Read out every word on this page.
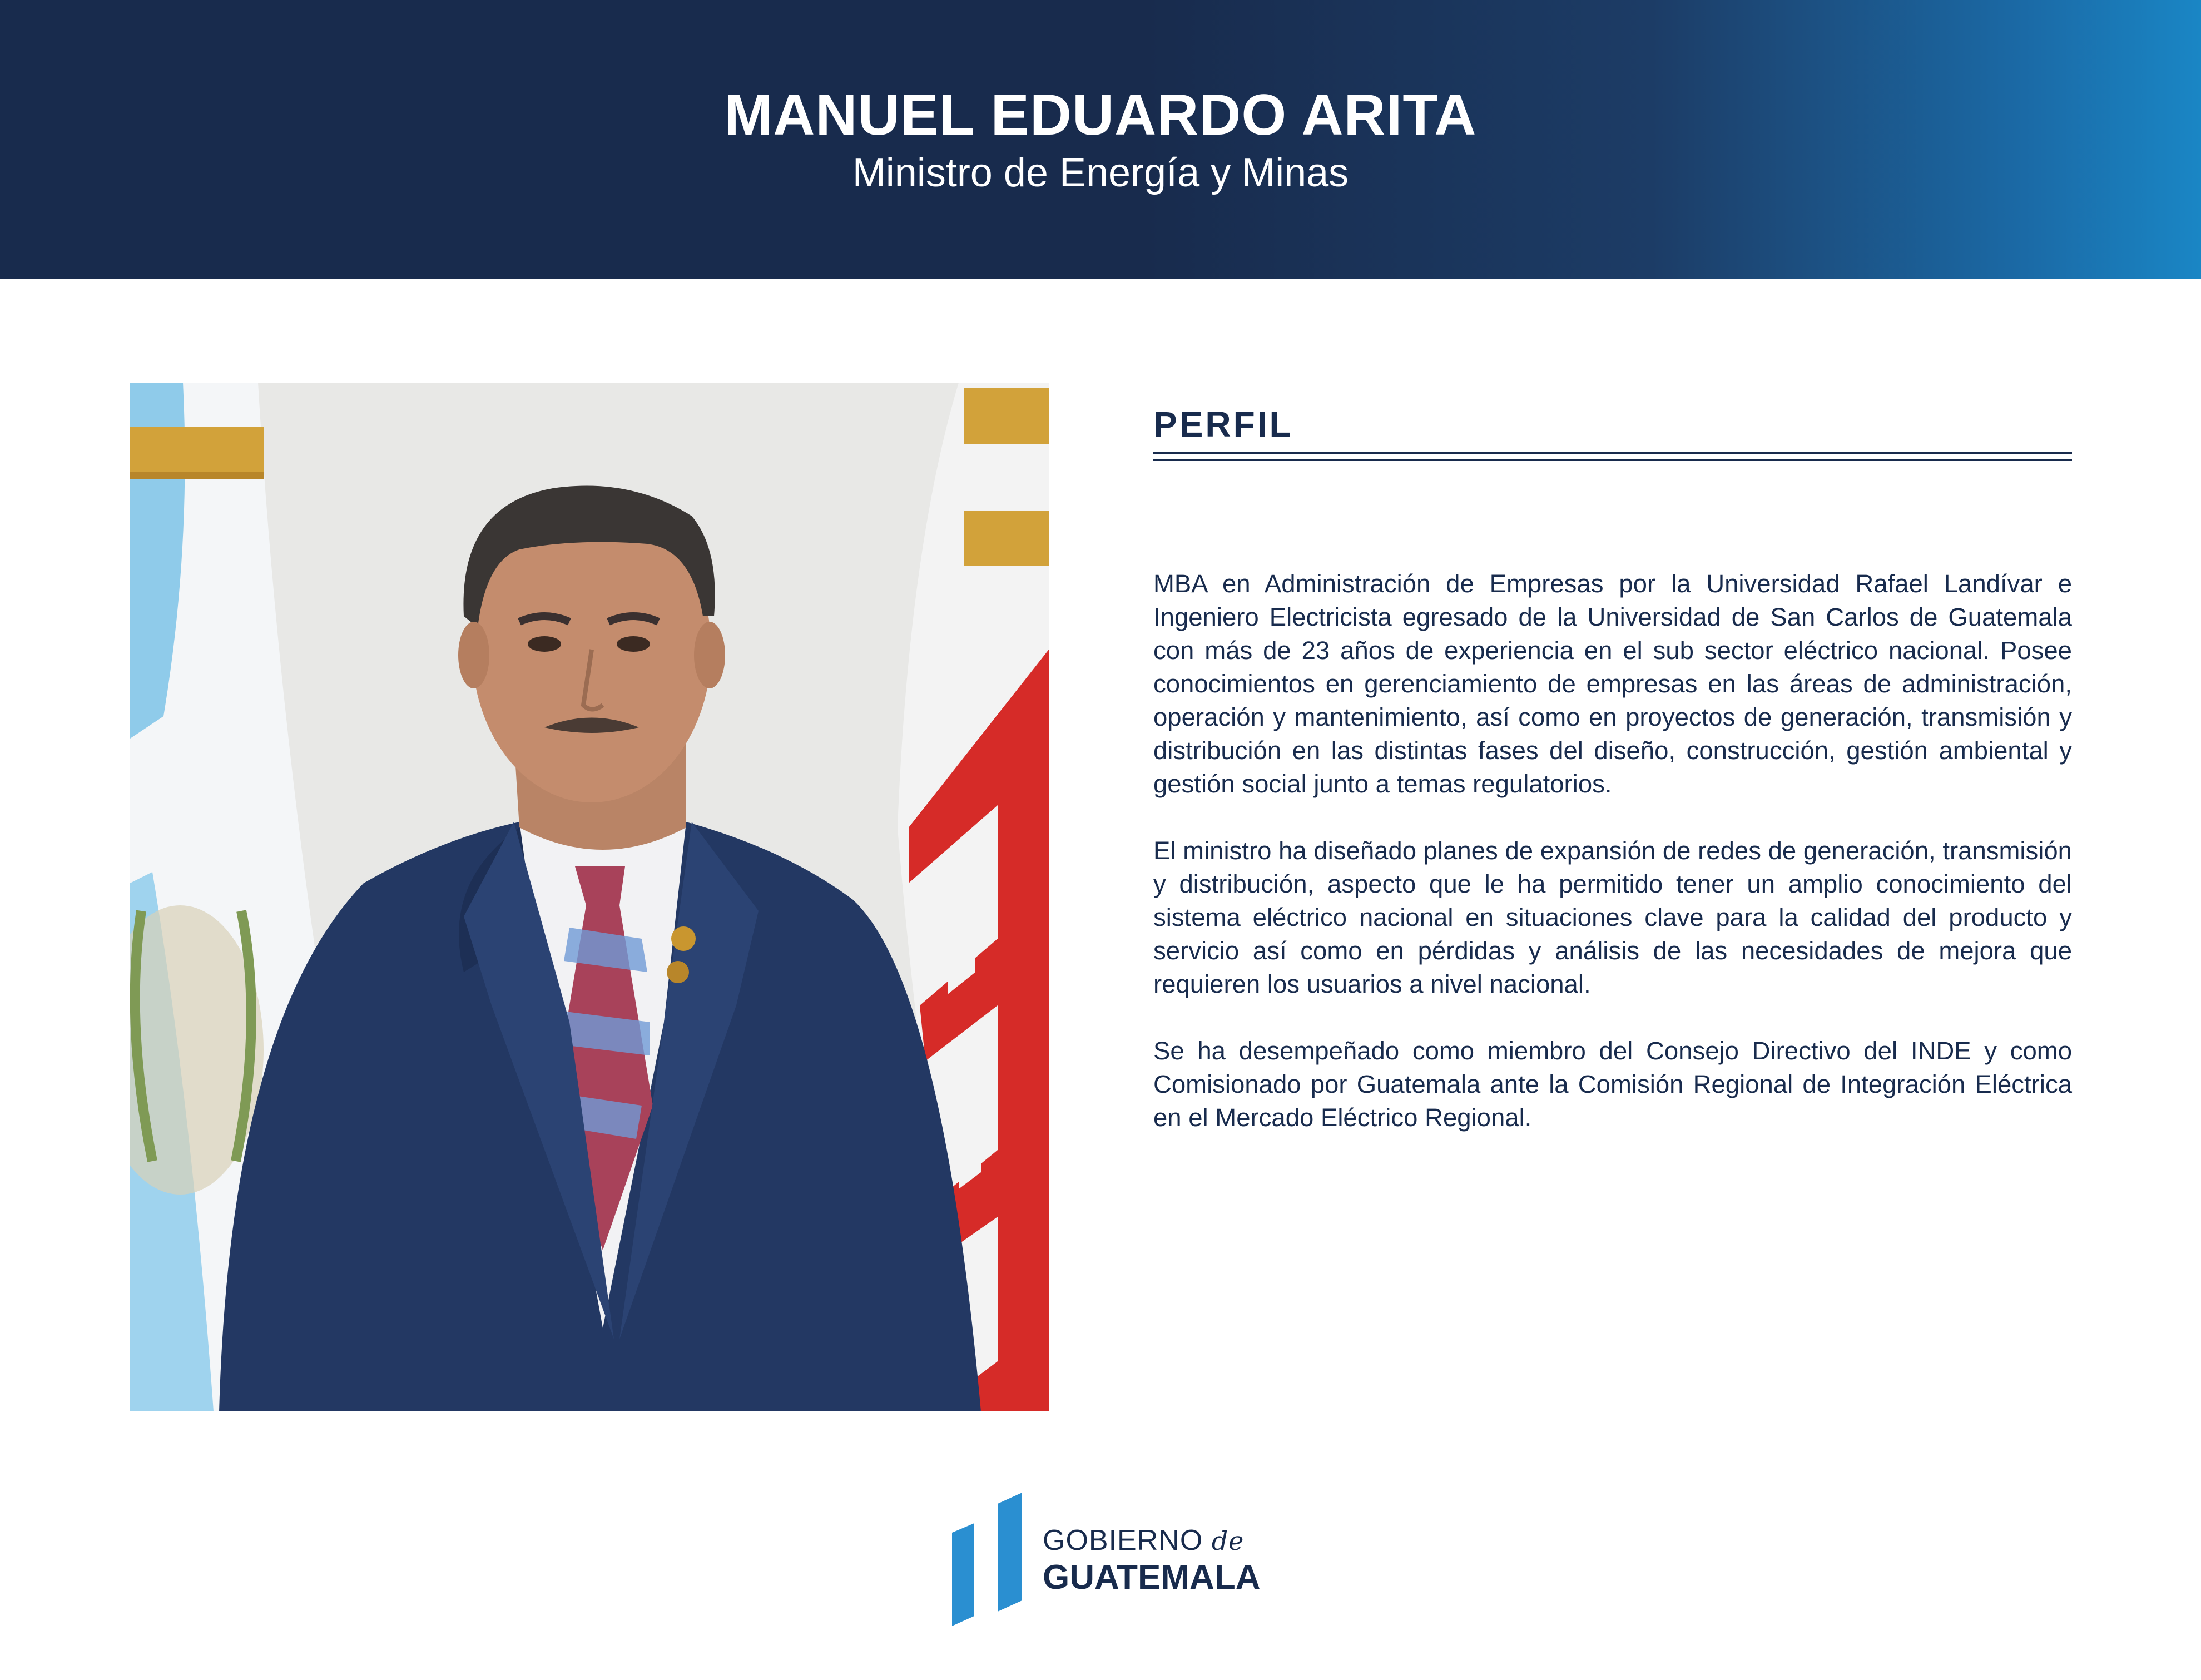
MANUEL EDUARDO ARITA
Ministro de Energía y Minas
PERFIL

MBA en Administración de Empresas por la Universidad Rafael Landívar e Ingeniero Electricista egresado de la Universidad de San Carlos de Guatemala con más de 23 años de experiencia en el sub sector eléctrico nacional. Posee conocimientos en gerenciamiento de empresas en las áreas de administración, operación y mantenimiento, así como en proyectos de generación, transmisión y distribución en las distintas fases del diseño, construcción, gestión ambiental y gestión social junto a temas regulatorios.

El ministro ha diseñado planes de expansión de redes de generación, transmisión y distribución, aspecto que le ha permitido tener un amplio conocimiento del sistema eléctrico nacional en situaciones clave para la calidad del producto y servicio así como en pérdidas y análisis de las necesidades de mejora que requieren los usuarios a nivel nacional.

Se ha desempeñado como miembro del Consejo Directivo del INDE y como Comisionado por Guatemala ante la Comisión Regional de Integración Eléctrica en el Mercado Eléctrico Regional.

GOBIERNO de
GUATEMALA
